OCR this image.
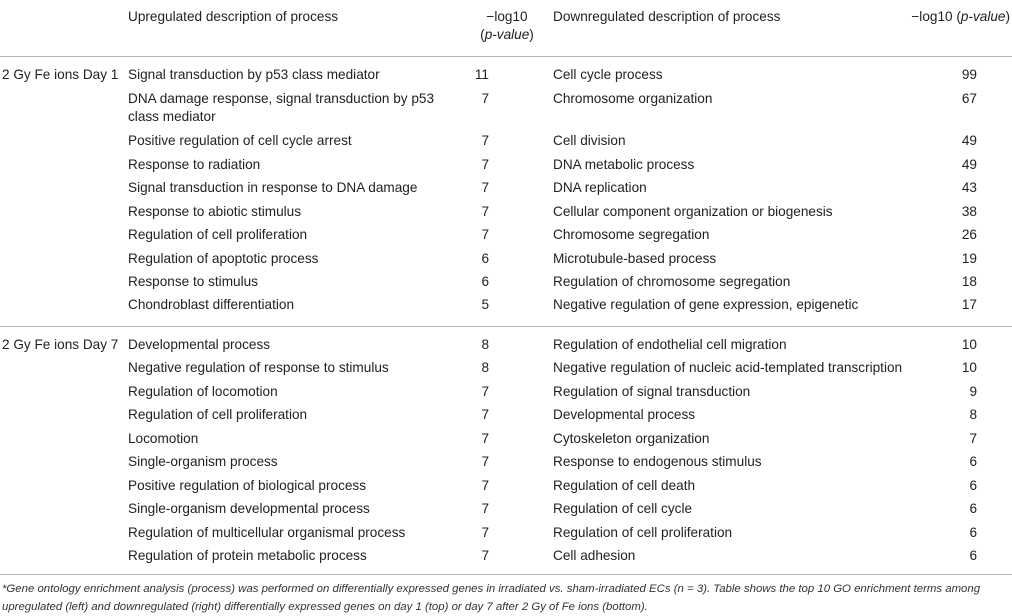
Upregulated description of process	−log10
(p-value)
Downregulated description of process	−log10 (p-value)
2 Gy Fe ions Day 1 Signal transduction by p53 class mediator	11	Cell cycle process	99
DNA damage response, signal transduction by p53 class mediator
7	Chromosome organization	67
Positive regulation of cell cycle arrest	7	Cell division	49
Response to radiation	7	DNA metabolic process	49
Signal transduction in response to DNA damage	7	DNA replication	43
Response to abiotic stimulus	7	Cellular component organization or biogenesis	38
Regulation of cell proliferation	7	Chromosome segregation	26
Regulation of apoptotic process	6	Microtubule-based process	19
Response to stimulus	6	Regulation of chromosome segregation	18
Chondroblast differentiation	5	Negative regulation of gene expression, epigenetic	17
2 Gy Fe ions Day 7 Developmental process	8	Regulation of endothelial cell migration	10
Negative regulation of response to stimulus	8	Negative regulation of nucleic acid-templated transcription	10
Regulation of locomotion	7	Regulation of signal transduction	9
Regulation of cell proliferation	7	Developmental process	8
Locomotion	7	Cytoskeleton organization	7
Single-organism process	7	Response to endogenous stimulus	6
Positive regulation of biological process	7	Regulation of cell death	6
Single-organism developmental process	7	Regulation of cell cycle	6
Regulation of multicellular organismal process	7	Regulation of cell proliferation	6
Regulation of protein metabolic process	7	Cell adhesion	6
*Gene ontology enrichment analysis (process) was performed on differentially expressed genes in irradiated vs. sham-irradiated ECs (n = 3). Table shows the top 10 GO enrichment terms among upregulated (left) and downregulated (right) differentially expressed genes on day 1 (top) or day 7 after 2 Gy of Fe ions (bottom).
